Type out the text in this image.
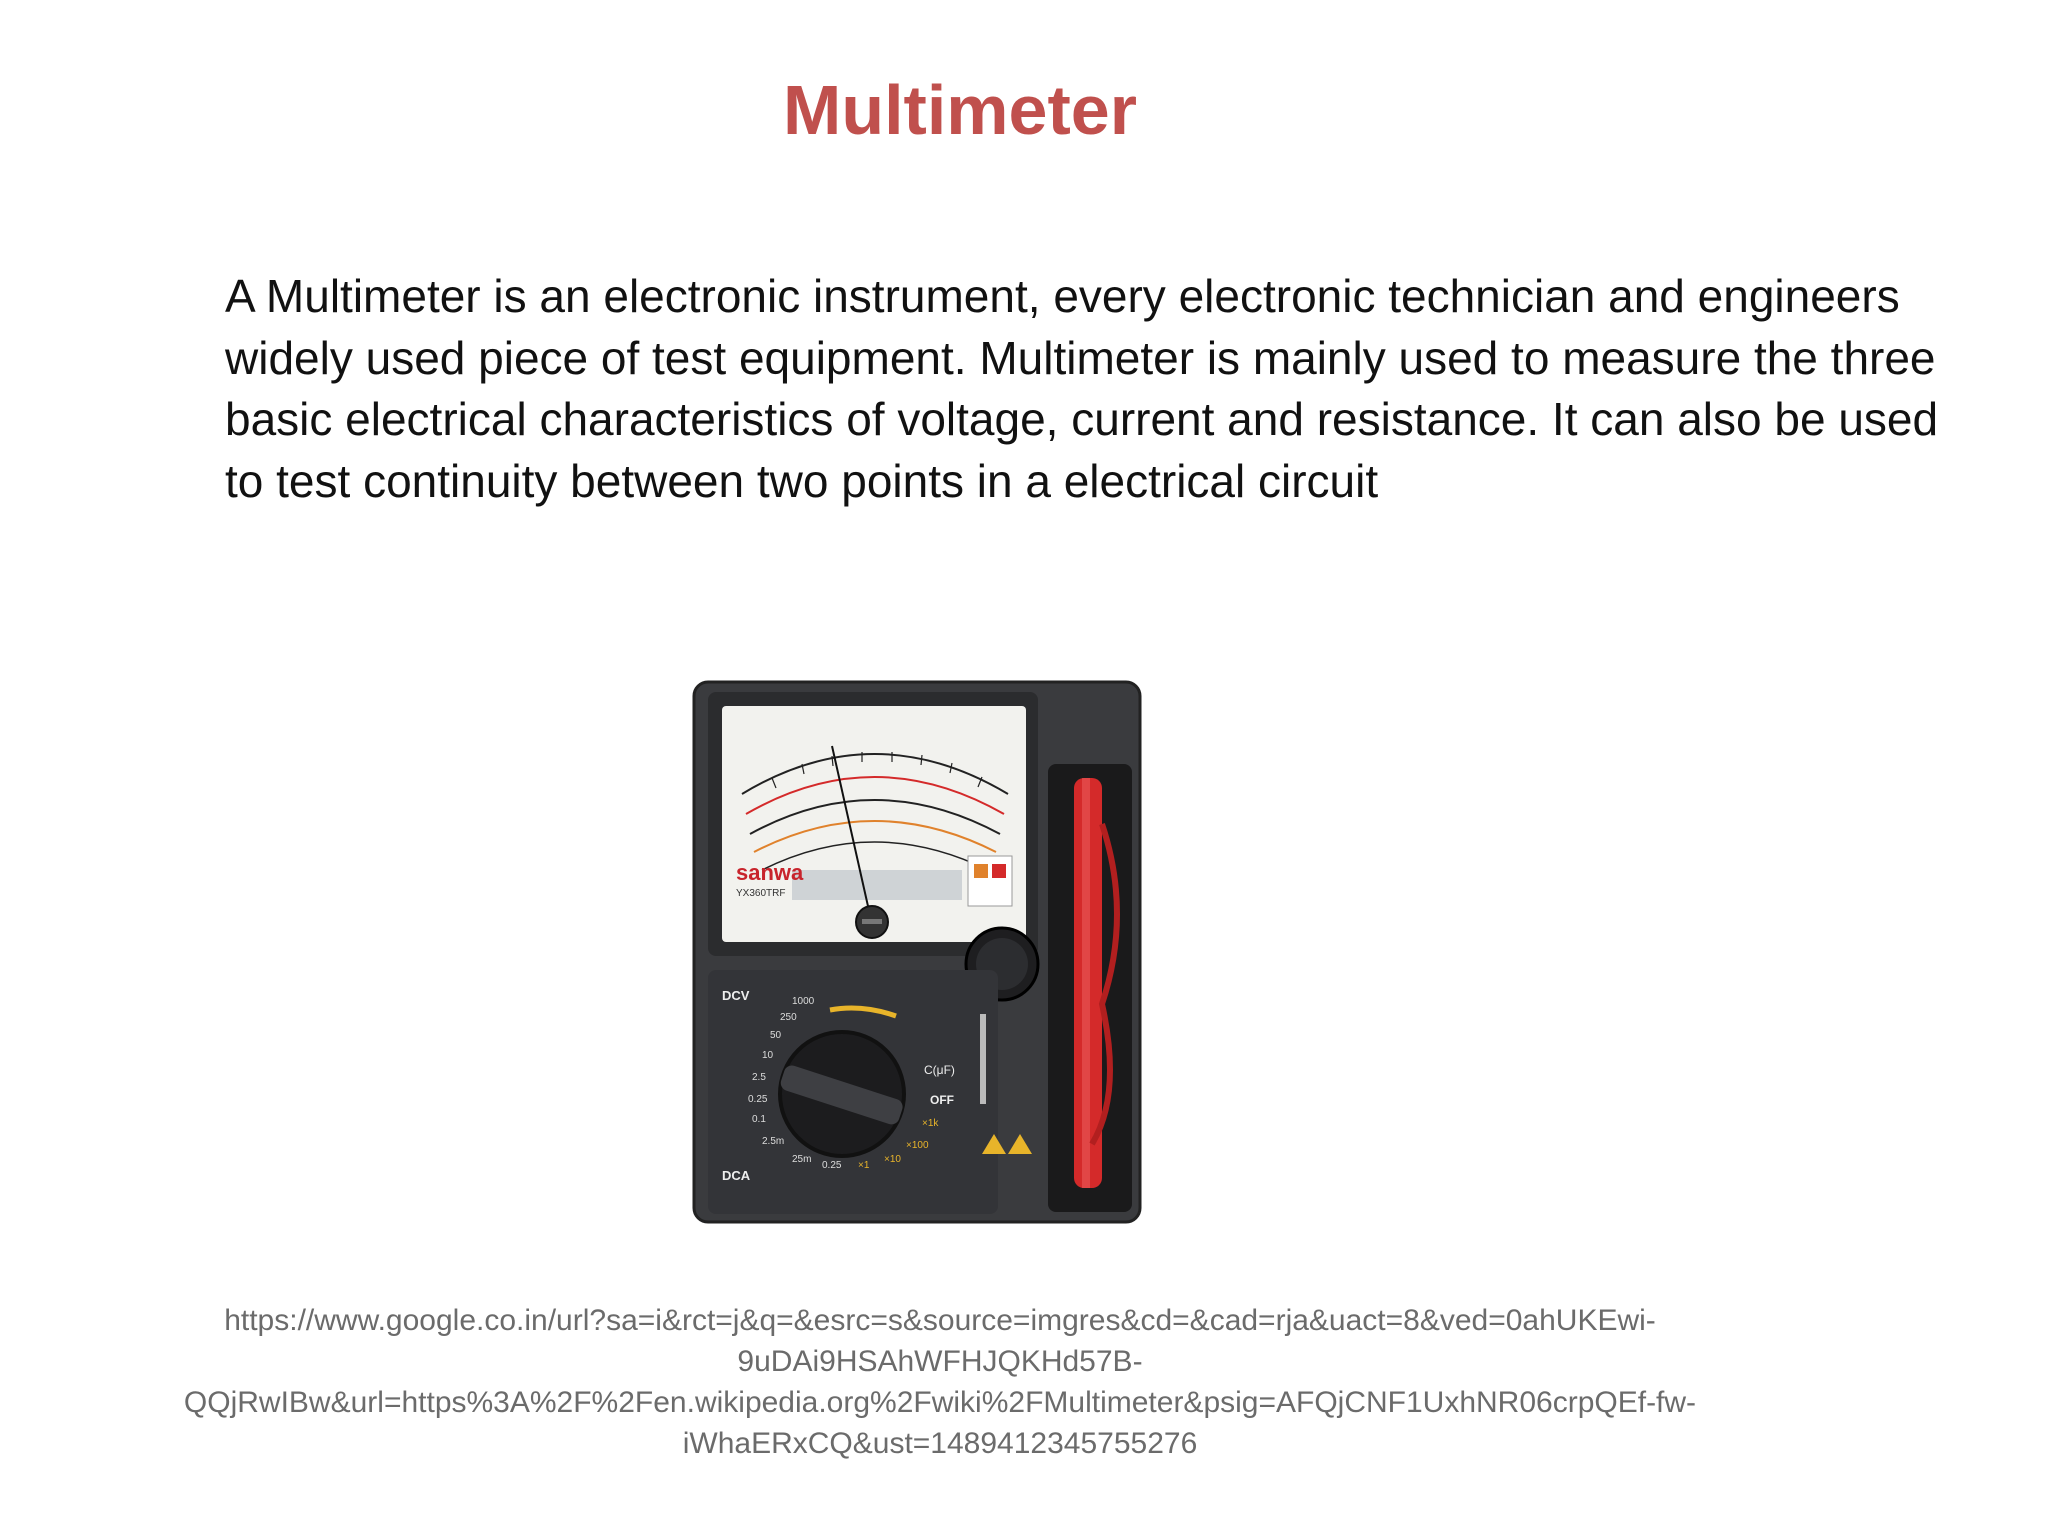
Multimeter
A Multimeter is an electronic instrument, every electronic technician and engineers widely used piece of test equipment. Multimeter is mainly used to measure the three basic electrical characteristics of voltage, current and resistance. It can also be used to test continuity between two points in a electrical circuit
sanwa
YX360TRF
DCV
DCA
OFF
C(μF)
1000
250
50
10
2.5
0.25
0.1
2.5m
25m
0.25
×1k
×100
×10
×1
https://www.google.co.in/url?sa=i&rct=j&q=&esrc=s&source=imgres&cd=&cad=rja&uact=8&ved=0ahUKEwi-
9uDAi9HSAhWFHJQKHd57B-
QQjRwIBw&url=https%3A%2F%2Fen.wikipedia.org%2Fwiki%2FMultimeter&psig=AFQjCNF1UxhNR06crpQEf-fw-
iWhaERxCQ&ust=1489412345755276
